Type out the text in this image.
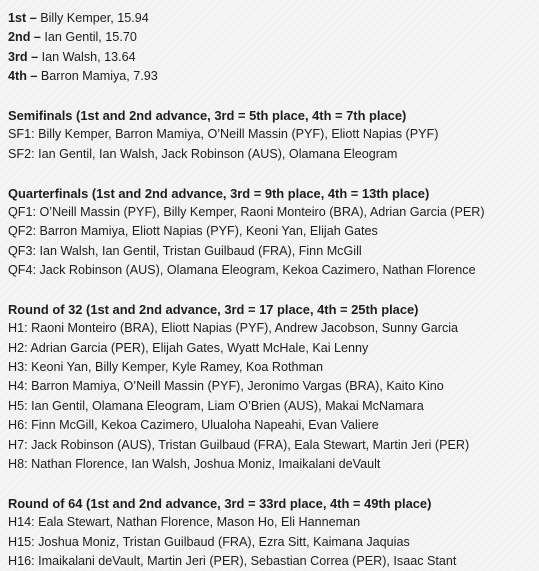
1st – Billy Kemper, 15.94
2nd – Ian Gentil, 15.70
3rd – Ian Walsh, 13.64
4th – Barron Mamiya, 7.93
Semifinals (1st and 2nd advance, 3rd = 5th place, 4th = 7th place)
SF1: Billy Kemper, Barron Mamiya, O’Neill Massin (PYF), Eliott Napias (PYF)
SF2: Ian Gentil, Ian Walsh, Jack Robinson (AUS), Olamana Eleogram
Quarterfinals (1st and 2nd advance, 3rd = 9th place, 4th = 13th place)
QF1: O’Neill Massin (PYF), Billy Kemper, Raoni Monteiro (BRA), Adrian Garcia (PER)
QF2: Barron Mamiya, Eliott Napias (PYF), Keoni Yan, Elijah Gates
QF3: Ian Walsh, Ian Gentil, Tristan Guilbaud (FRA), Finn McGill
QF4: Jack Robinson (AUS), Olamana Eleogram, Kekoa Cazimero, Nathan Florence
Round of 32 (1st and 2nd advance, 3rd = 17 place, 4th = 25th place)
H1: Raoni Monteiro (BRA), Eliott Napias (PYF), Andrew Jacobson, Sunny Garcia
H2: Adrian Garcia (PER), Elijah Gates, Wyatt McHale, Kai Lenny
H3: Keoni Yan, Billy Kemper, Kyle Ramey, Koa Rothman
H4: Barron Mamiya, O’Neill Massin (PYF), Jeronimo Vargas (BRA), Kaito Kino
H5: Ian Gentil, Olamana Eleogram, Liam O’Brien (AUS), Makai McNamara
H6: Finn McGill, Kekoa Cazimero, Ulualoha Napeahi, Evan Valiere
H7: Jack Robinson (AUS), Tristan Guilbaud (FRA), Eala Stewart, Martin Jeri (PER)
H8: Nathan Florence, Ian Walsh, Joshua Moniz, Imaikalani deVault
Round of 64 (1st and 2nd advance, 3rd = 33rd place, 4th = 49th place)
H14: Eala Stewart, Nathan Florence, Mason Ho, Eli Hanneman
H15: Joshua Moniz, Tristan Guilbaud (FRA), Ezra Sitt, Kaimana Jaquias
H16: Imaikalani deVault, Martin Jeri (PER), Sebastian Correa (PER), Isaac Stant
